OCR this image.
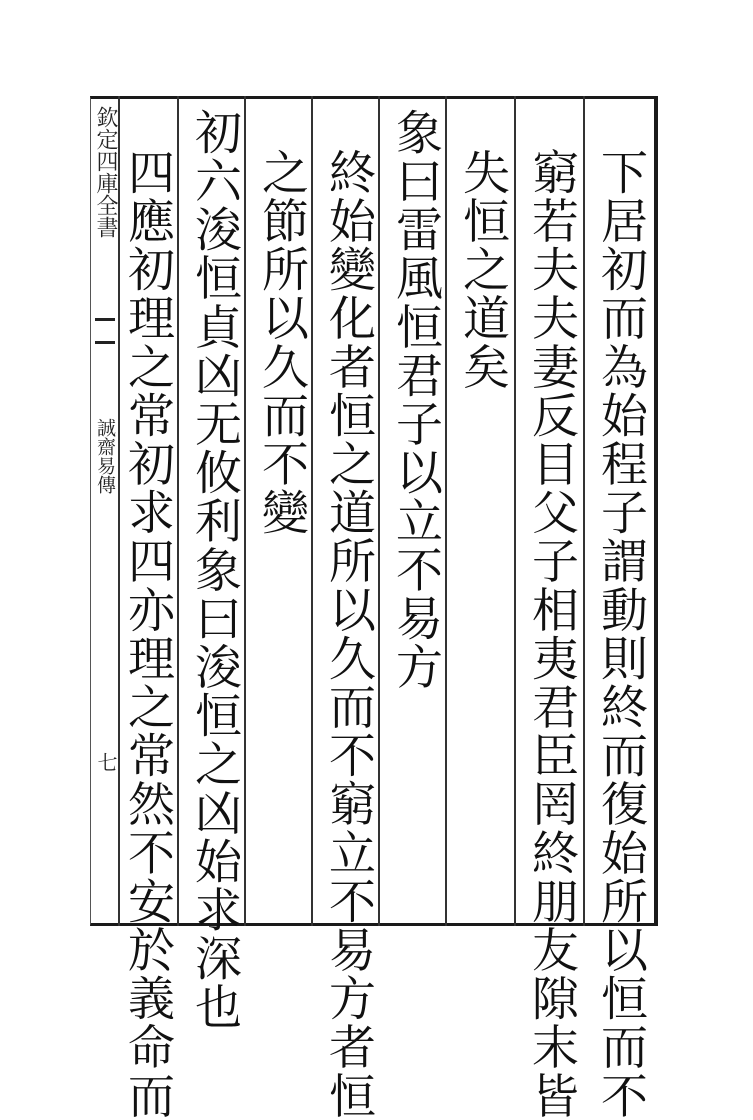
欽定四庫全書
誠齋易傳
七	下居初而為始程子謂動則終而復始所以恒而不
窮若夫夫妻反目父子相夷君臣罔終朋友隙末皆
失恒之道矣
象曰雷風恒君子以立不易方
終始變化者恒之道所以久而不窮立不易方者恒
之節所以久而不變
初六浚恒貞凶无攸利象曰浚恒之凶始求深也
四應初理之常初求四亦理之常然不安於義命而
